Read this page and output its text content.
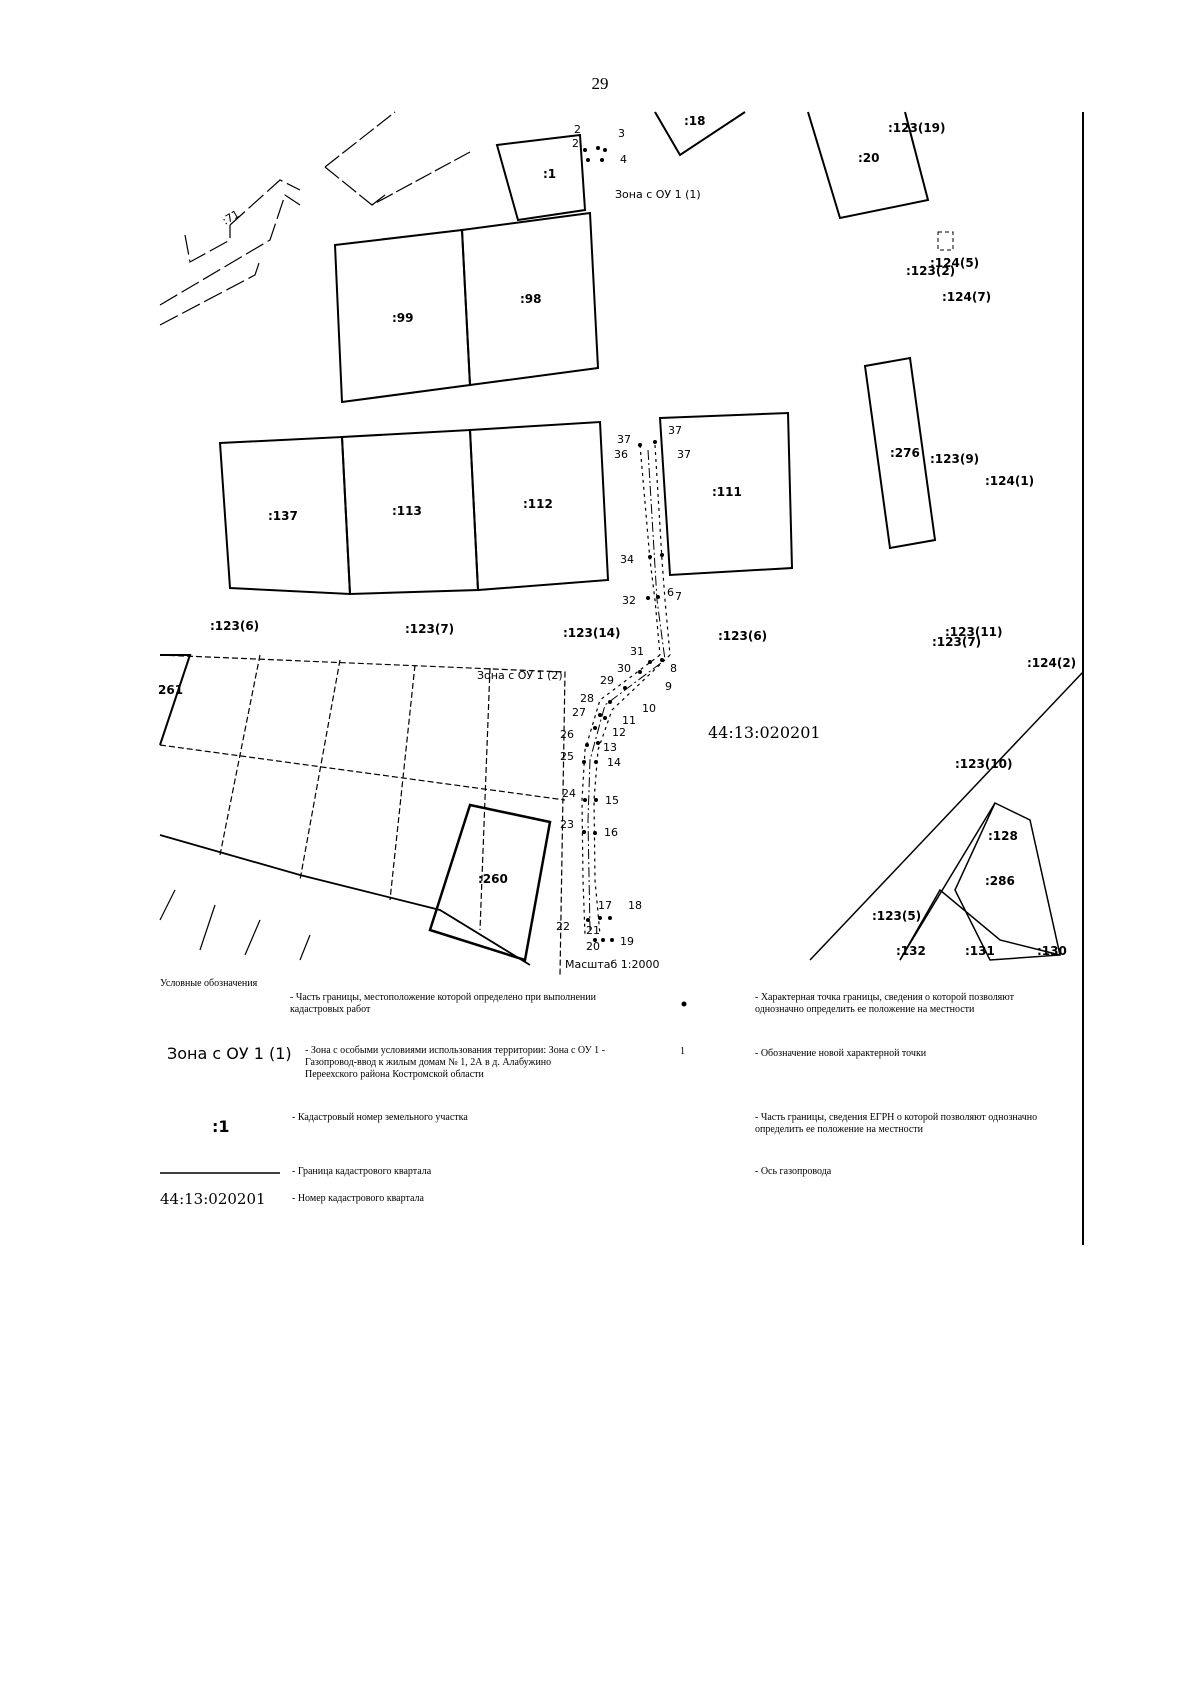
29
:71
:1
:18
:20
:123(19)
:99
:98
:123(2)
:124(5)
:124(7)
:276 :123(9)
:124(1)
:137	:113	:112
:111
2
2	3
4
37
36
37
37
34
32
6 7
31
30
29
28
27
26
25
8
9
10
11
12
13
14
24
15
23
16
17 18
22 21
19
20
Зона с ОУ 1 (1)
Зона с ОУ 1 (2)
:123(6)	:123(7)	:123(14)	:123(6)	:123(11)
:123(7)
:124(2)
261
:260
44:13:020201
:128
:286
:131	:130
:132
:123(10)
:123(5)
Масштаб 1:2000
Условные обозначения
- Часть границы, местоположение которой определено при выполнении кадастровых работ
Зона с ОУ 1 (1) - Зона с особыми условиями использования территории: Зона с ОУ 1 - Газопровод-ввод к жилым домам № 1, 2А в д. Алабужино Переехского района Костромской области
:1	- Кадастровый номер земельного участка
- Граница кадастрового квартала
44:13:020201	- Номер кадастрового квартала
- Характерная точка границы, сведения о которой позволяют однозначно определить ее положение на местности
1	- Обозначение новой характерной точки
- Часть границы, сведения ЕГРН о которой позволяют однозначно определить ее положение на местности
- Ось газопровода
